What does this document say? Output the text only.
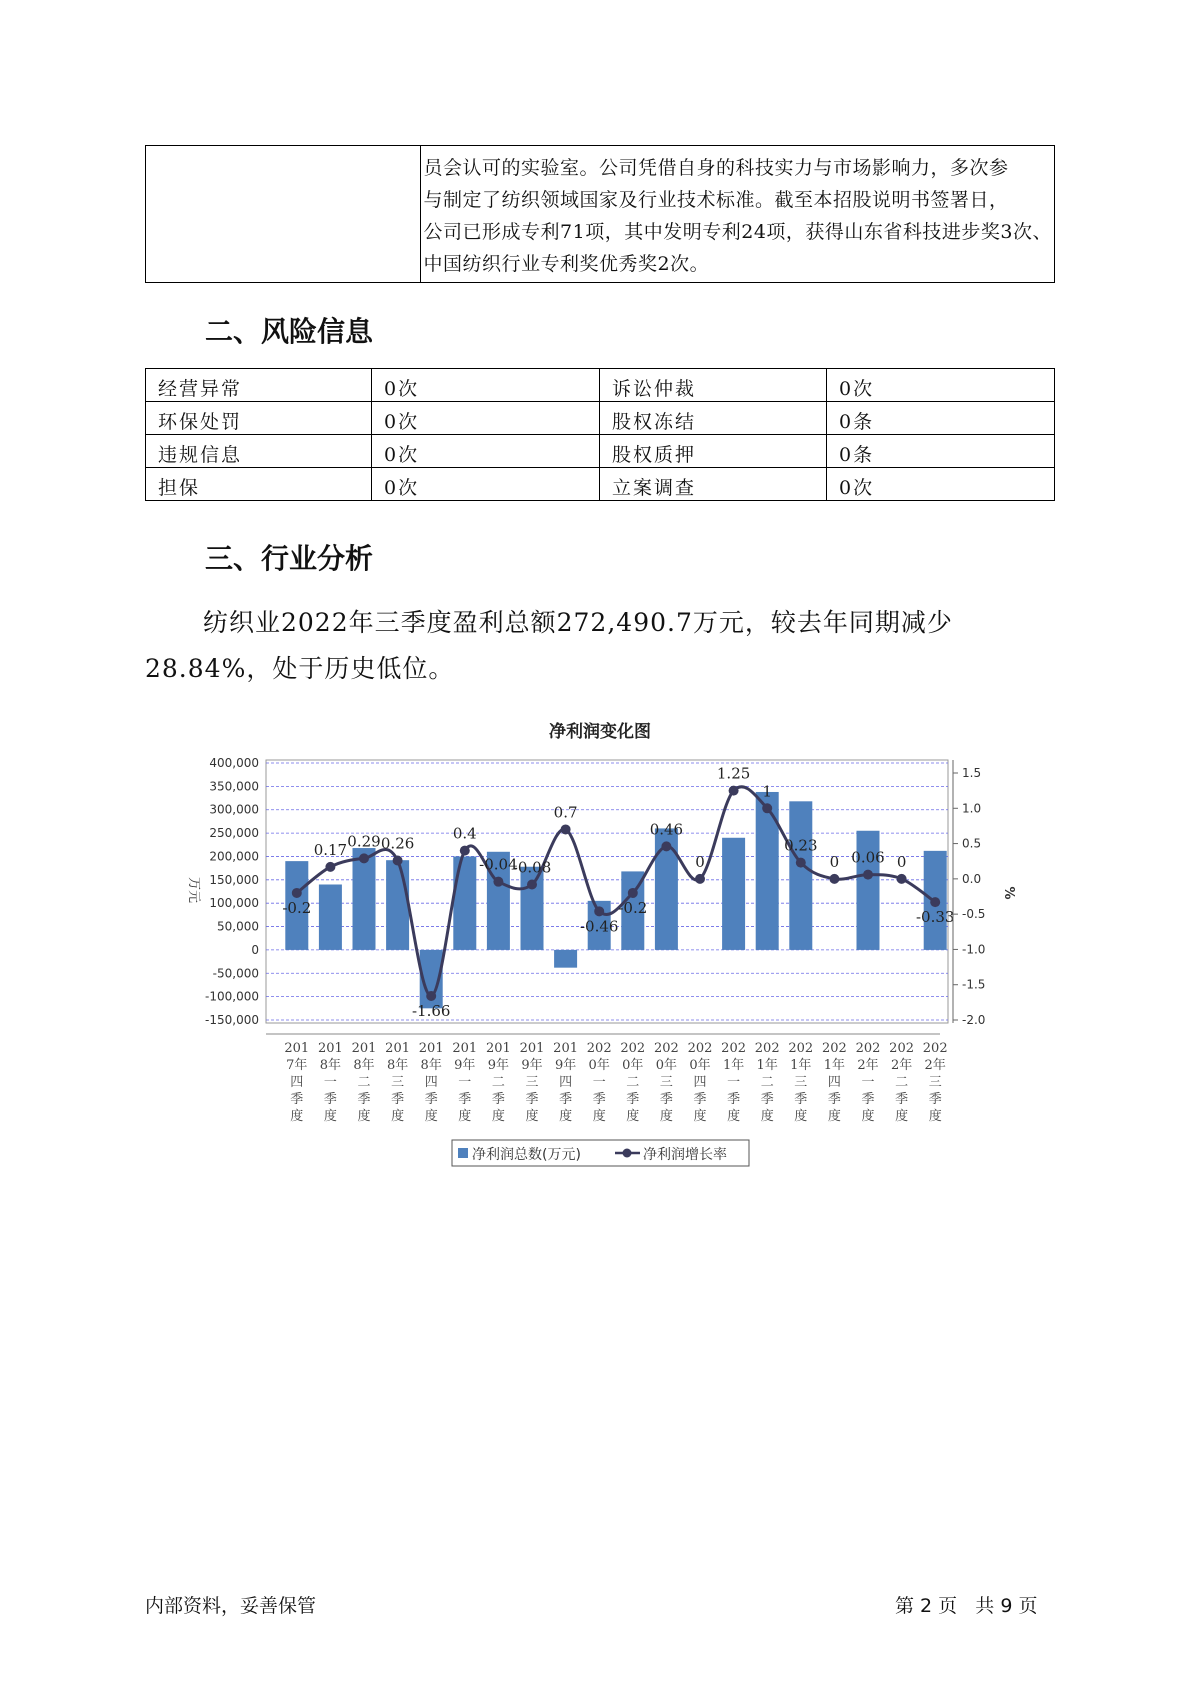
员会认可的实验室。公司凭借自身的科技实力与市场影响力，多次参
与制定了纺织领域国家及行业技术标准。截至本招股说明书签署日，
公司已形成专利71项，其中发明专利24项，获得山东省科技进步奖3次、
中国纺织行业专利奖优秀奖2次。
二、风险信息
经营异常	0次	诉讼仲裁	0次
环保处罚	0次	股权冻结	0条
违规信息	0次	股权质押	0条
担保	0次	立案调查	0次
三、行业分析
纺织业2022年三季度盈利总额272,490.7万元，较去年同期减少
28.84%，处于历史低位。
净利润变化图
万元	%
-0.2
0.17 0.29 0.26
-1.66
0.4
-0.04
-0.08
0.7
-0.46
-0.2
0.46
0
1.25
1
0.23
0 0.06 0
-0.33
400,000
350,000
300,000
250,000
200,000
150,000
100,000
50,000
0
-50,000
-100,000
-150,000
1.5
1.0
0.5
0.0
-0.5
-1.0
-1.5
-2.0
201
7年
四
季
度
201
8年
一
季
度
201
8年
二
季
度
201
8年
三
季
度
201
8年
四
季
度
201
9年
一
季
度
201
9年
二
季
度
201
9年
三
季
度
201
9年
四
季
度
202
0年
一
季
度
202
0年
二
季
度
202
0年
三
季
度
202
0年
四
季
度
202
1年
一
季
度
202
1年
二
季
度
202
1年
三
季
度
202
1年
四
季
度
202
2年
一
季
度
202
2年
二
季
度
202
2年
三
季
度
净利润总数(万元)	净利润增长率
内部资料，妥善保管	第 2 页   共 9 页
